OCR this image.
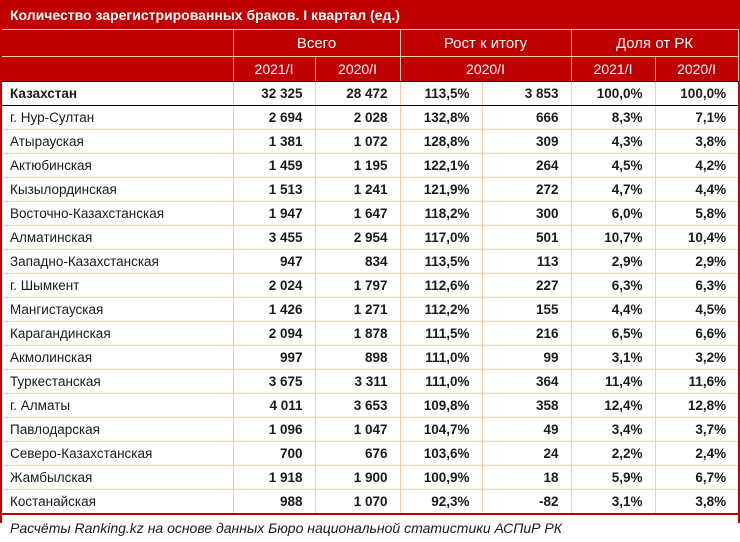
Количество зарегистрированных браков. I квартал (ед.)						
	Всего		Рост к итогу		Доля от РК	
	2021/I	2020/I	2020/I		2021/I	2020/I
Казахстан	32 325	28 472	113,5%	3 853	100,0%	100,0%
г. Нур-Султан	2 694	2 028	132,8%	666	8,3%	7,1%
Атырауская	1 381	1 072	128,8%	309	4,3%	3,8%
Актюбинская	1 459	1 195	122,1%	264	4,5%	4,2%
Кызылординская	1 513	1 241	121,9%	272	4,7%	4,4%
Восточно-Казахстанская	1 947	1 647	118,2%	300	6,0%	5,8%
Алматинская	3 455	2 954	117,0%	501	10,7%	10,4%
Западно-Казахстанская	947	834	113,5%	113	2,9%	2,9%
г. Шымкент	2 024	1 797	112,6%	227	6,3%	6,3%
Мангистауская	1 426	1 271	112,2%	155	4,4%	4,5%
Карагандинская	2 094	1 878	111,5%	216	6,5%	6,6%
Акмолинская	997	898	111,0%	99	3,1%	3,2%
Туркестанская	3 675	3 311	111,0%	364	11,4%	11,6%
г. Алматы	4 011	3 653	109,8%	358	12,4%	12,8%
Павлодарская	1 096	1 047	104,7%	49	3,4%	3,7%
Северо-Казахстанская	700	676	103,6%	24	2,2%	2,4%
Жамбылская	1 918	1 900	100,9%	18	5,9%	6,7%
Костанайская	988	1 070	92,3%	-82	3,1%	3,8%
Расчёты Ranking.kz на основе данных Бюро национальной статистики АСПиР РК						
